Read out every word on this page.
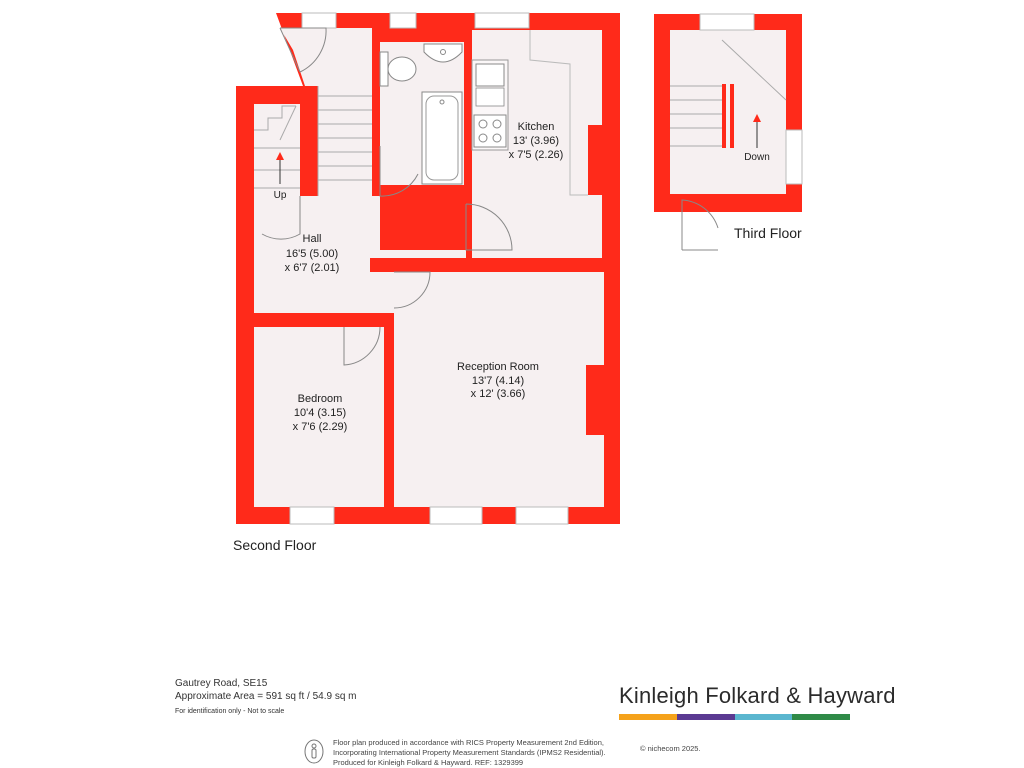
Kitchen
13' (3.96)
x 7'5 (2.26)
Hall
16'5 (5.00)
x 6'7 (2.01)
Reception Room
13'7 (4.14)
x 12' (3.66)
Bedroom
10'4 (3.15)
x 7'6 (2.29)
Up
Second Floor
Down
Third Floor
Gautrey Road, SE15
Approximate Area = 591 sq ft / 54.9 sq m
For identification only - Not to scale
Kinleigh Folkard & Hayward
Floor plan produced in accordance with RICS Property Measurement 2nd Edition,
Incorporating International Property Measurement Standards (IPMS2 Residential).
Produced for Kinleigh Folkard & Hayward. REF: 1329399
© nichecom 2025.
